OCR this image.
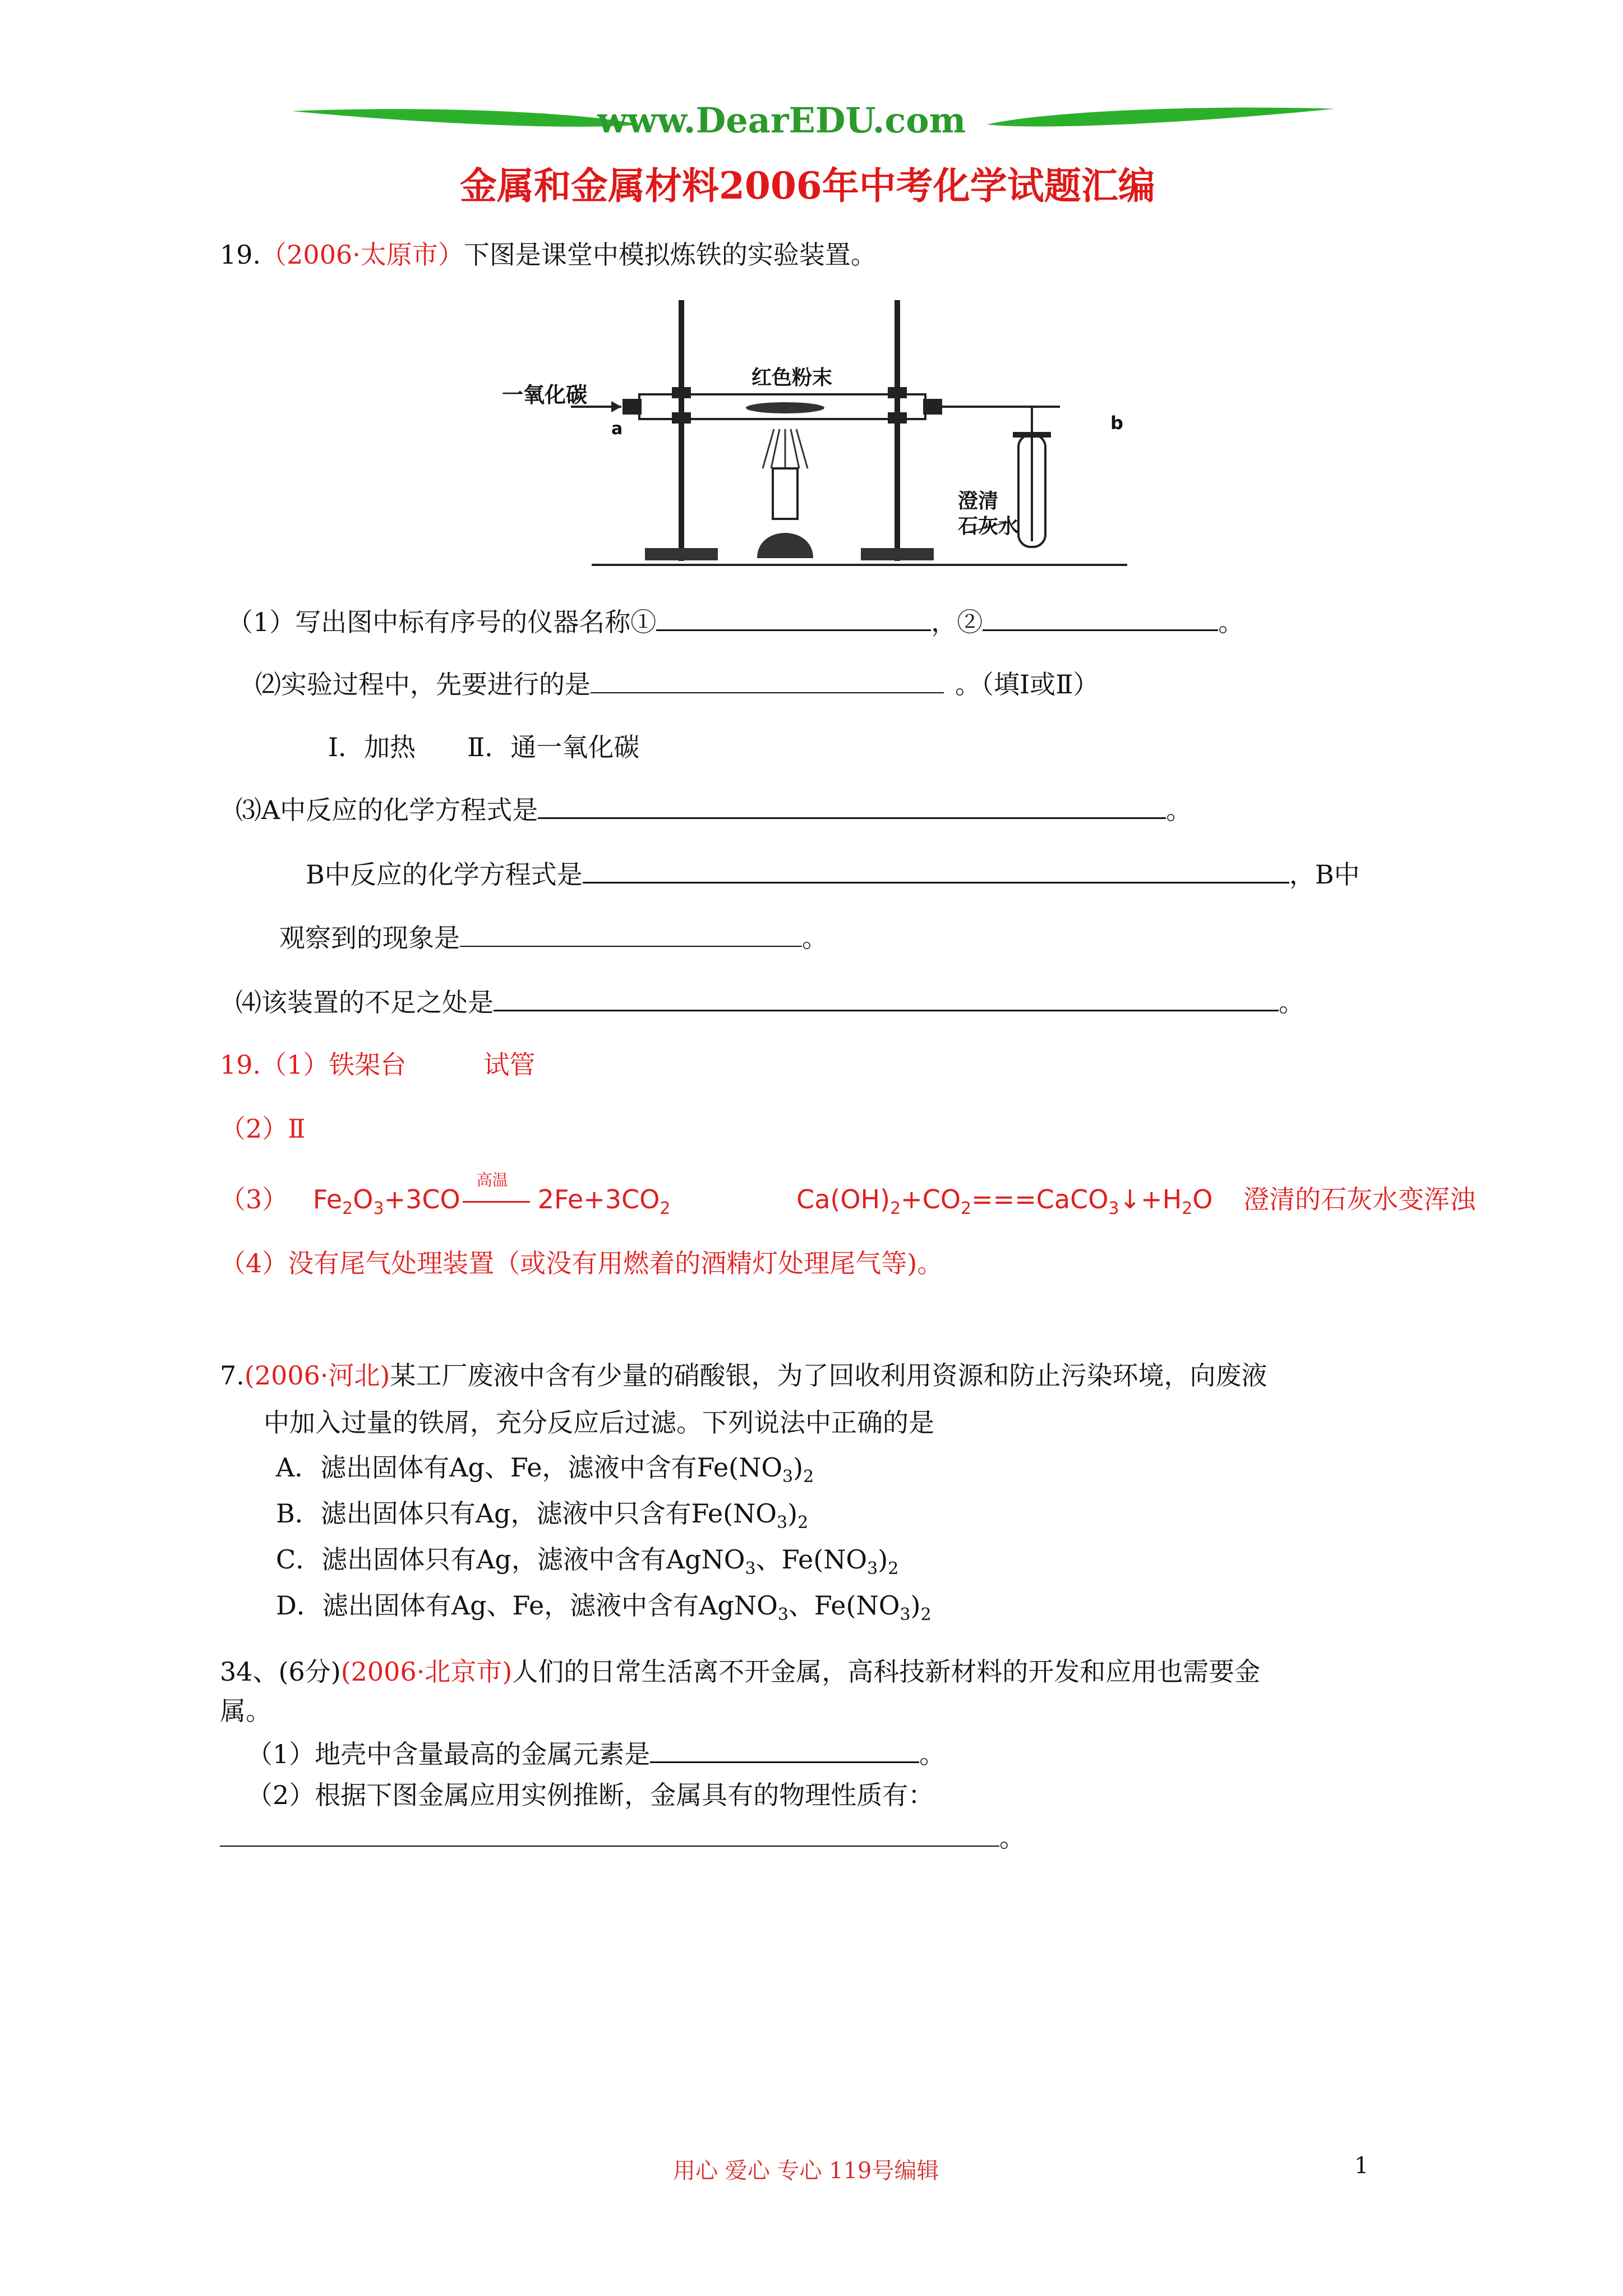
www.DearEDU.com
金属和金属材料2006年中考化学试题汇编
19.（2006·太原市）下图是课堂中模拟炼铁的实验装置。
一氧化碳
红色粉末
a	b
澄清
石灰水
（1）写出图中标有序号的仪器名称①	，②	。
⑵实验过程中，先要进行的是	。（填Ⅰ或Ⅱ）
Ⅰ．加热　　Ⅱ．通一氧化碳
⑶A中反应的化学方程式是	。
B中反应的化学方程式是	，B中
观察到的现象是	。
⑷该装置的不足之处是	。
19.（1）铁架台　　　试管
（2）Ⅱ
（3） $Fe_2O_3+3CO$
高温
$2Fe+3CO_2$	$Ca(OH)_2+CO_2===CaCO_3↓+H_2O$ 澄清的石灰水变浑浊
（4）没有尾气处理装置（或没有用燃着的酒精灯处理尾气等)。
7.(2006·河北)某工厂废液中含有少量的硝酸银，为了回收利用资源和防止污染环境，向废液
中加入过量的铁屑，充分反应后过滤。下列说法中正确的是
A．滤出固体有Ag、Fe，滤液中含有$Fe(NO_3)_2$
B．滤出固体只有Ag，滤液中只含有$Fe(NO_3)_2$
C．滤出固体只有Ag，滤液中含有AgNO$_3$、$Fe(NO_3)_2$
D．滤出固体有Ag、Fe，滤液中含有AgNO$_3$、$Fe(NO_3)_2$
34、(6分)(2006·北京市)人们的日常生活离不开金属，高科技新材料的开发和应用也需要金
属。
（1）地壳中含量最高的金属元素是	。
（2）根据下图金属应用实例推断，金属具有的物理性质有：
。
用心 爱心 专心 119号编辑	1
